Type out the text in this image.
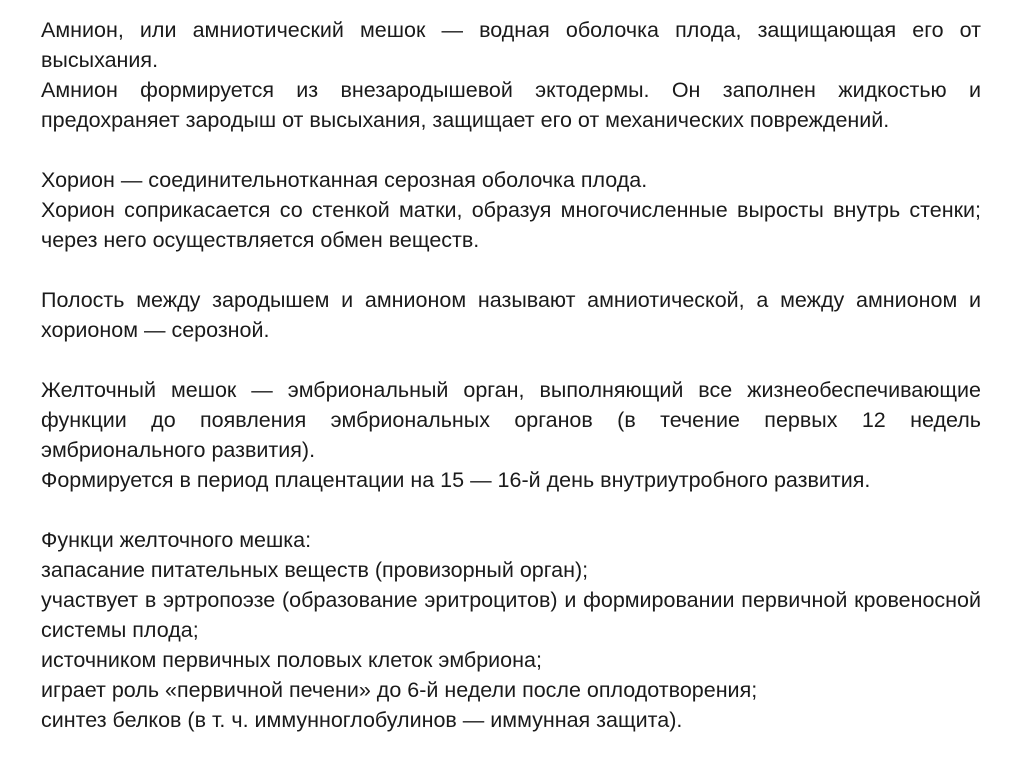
Амнион, или амниотический мешок — водная оболочка плода, защищающая его от высыхания.

Амнион формируется из внезародышевой эктодермы. Он заполнен жидкостью и предохраняет зародыш от высыхания, защищает его от механических повреждений.

Хорион — соединительнотканная серозная оболочка плода.

Хорион соприкасается со стенкой матки, образуя многочисленные выросты внутрь стенки; через него осуществляется обмен веществ.

Полость между зародышем и амнионом называют амниотической, а между амнионом и хорионом — серозной.

Желточный мешок — эмбриональный орган, выполняющий все жизнеобеспечивающие функции до появления эмбриональных органов (в течение первых 12 недель эмбрионального развития).

Формируется в период плацентации на 15 — 16-й день внутриутробного развития.

Функци желточного мешка:

запасание питательных веществ (провизорный орган);

участвует в эртропоэзе (образование эритроцитов) и формировании первичной кровеносной системы плода;

источником первичных половых клеток эмбриона;

играет роль «первичной печени» до 6-й недели после оплодотворения;

синтез белков (в т. ч. иммунноглобулинов — иммунная защита).
